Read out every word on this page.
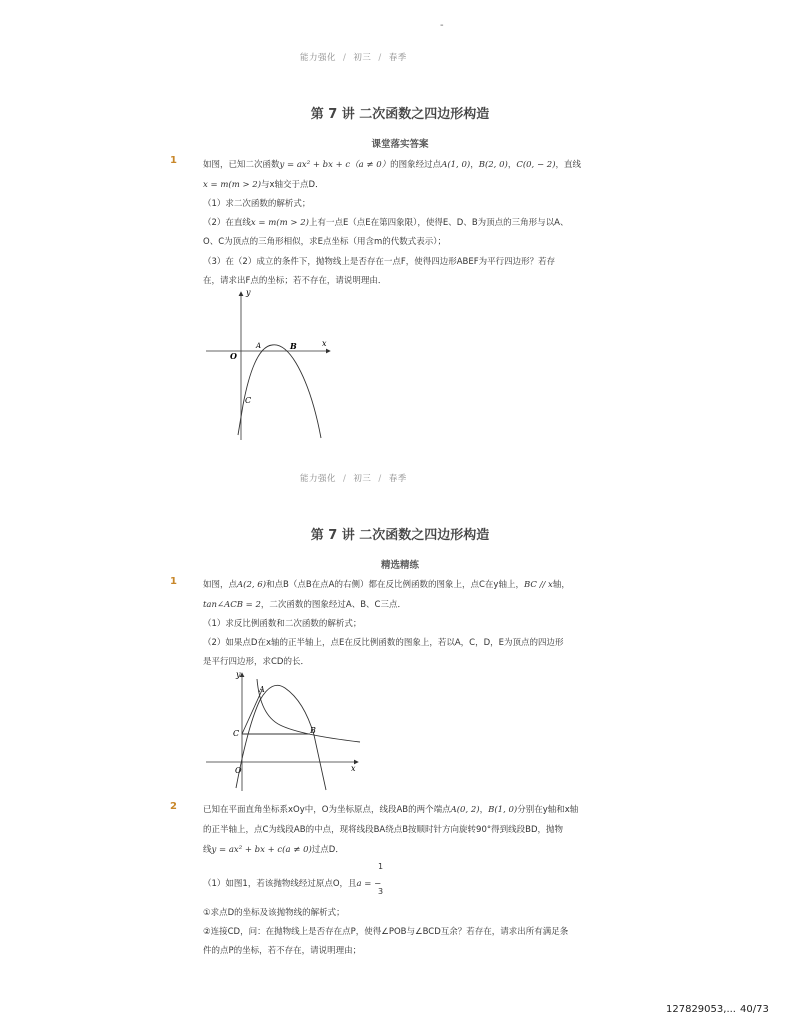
-
能力强化 / 初三 / 春季
第 7 讲 二次函数之四边形构造
课堂落实答案
1	如图，已知二次函数y = ax² + bx + c（a ≠ 0）的图象经过点A(1, 0)，B(2, 0)，C(0, − 2)，直线
x = m(m > 2)与x轴交于点D．
（1）求二次函数的解析式；
（2）在直线x = m(m > 2)上有一点E（点E在第四象限），使得E、D、B为顶点的三角形与以A、
O、C为顶点的三角形相似，求E点坐标（用含m的代数式表示）；
（3）在（2）成立的条件下，抛物线上是否存在一点F，使得四边形ABEF为平行四边形？若存
在，请求出F点的坐标；若不存在，请说明理由．
y
x
O
A	B
C
能力强化 / 初三 / 春季
第 7 讲 二次函数之四边形构造
精选精练
1	如图，点A(2, 6)和点B（点B在点A的右侧）都在反比例函数的图象上，点C在y轴上，BC // x轴，
tan∠ACB = 2，二次函数的图象经过A、B、C三点．
（1）求反比例函数和二次函数的解析式；
（2）如果点D在x轴的正半轴上，点E在反比例函数的图象上，若以A，C，D，E为顶点的四边形
是平行四边形，求CD的长．
y
x
O
A
B
C
2	已知在平面直角坐标系xOy中，O为坐标原点，线段AB的两个端点A(0, 2)，B(1, 0)分别在y轴和x轴
的正半轴上，点C为线段AB的中点，现将线段BA绕点B按顺时针方向旋转90°得到线段BD，抛物
线y = ax² + bx + c(a ≠ 0)过点D．
（1）如图1，若该抛物线经过原点O，且a = −
1
3
①求点D的坐标及该抛物线的解析式；
②连接CD，问：在抛物线上是否存在点P，使得∠POB与∠BCD互余？若存在，请求出所有满足条
件的点P的坐标，若不存在，请说明理由；
127829053,... 40/73
